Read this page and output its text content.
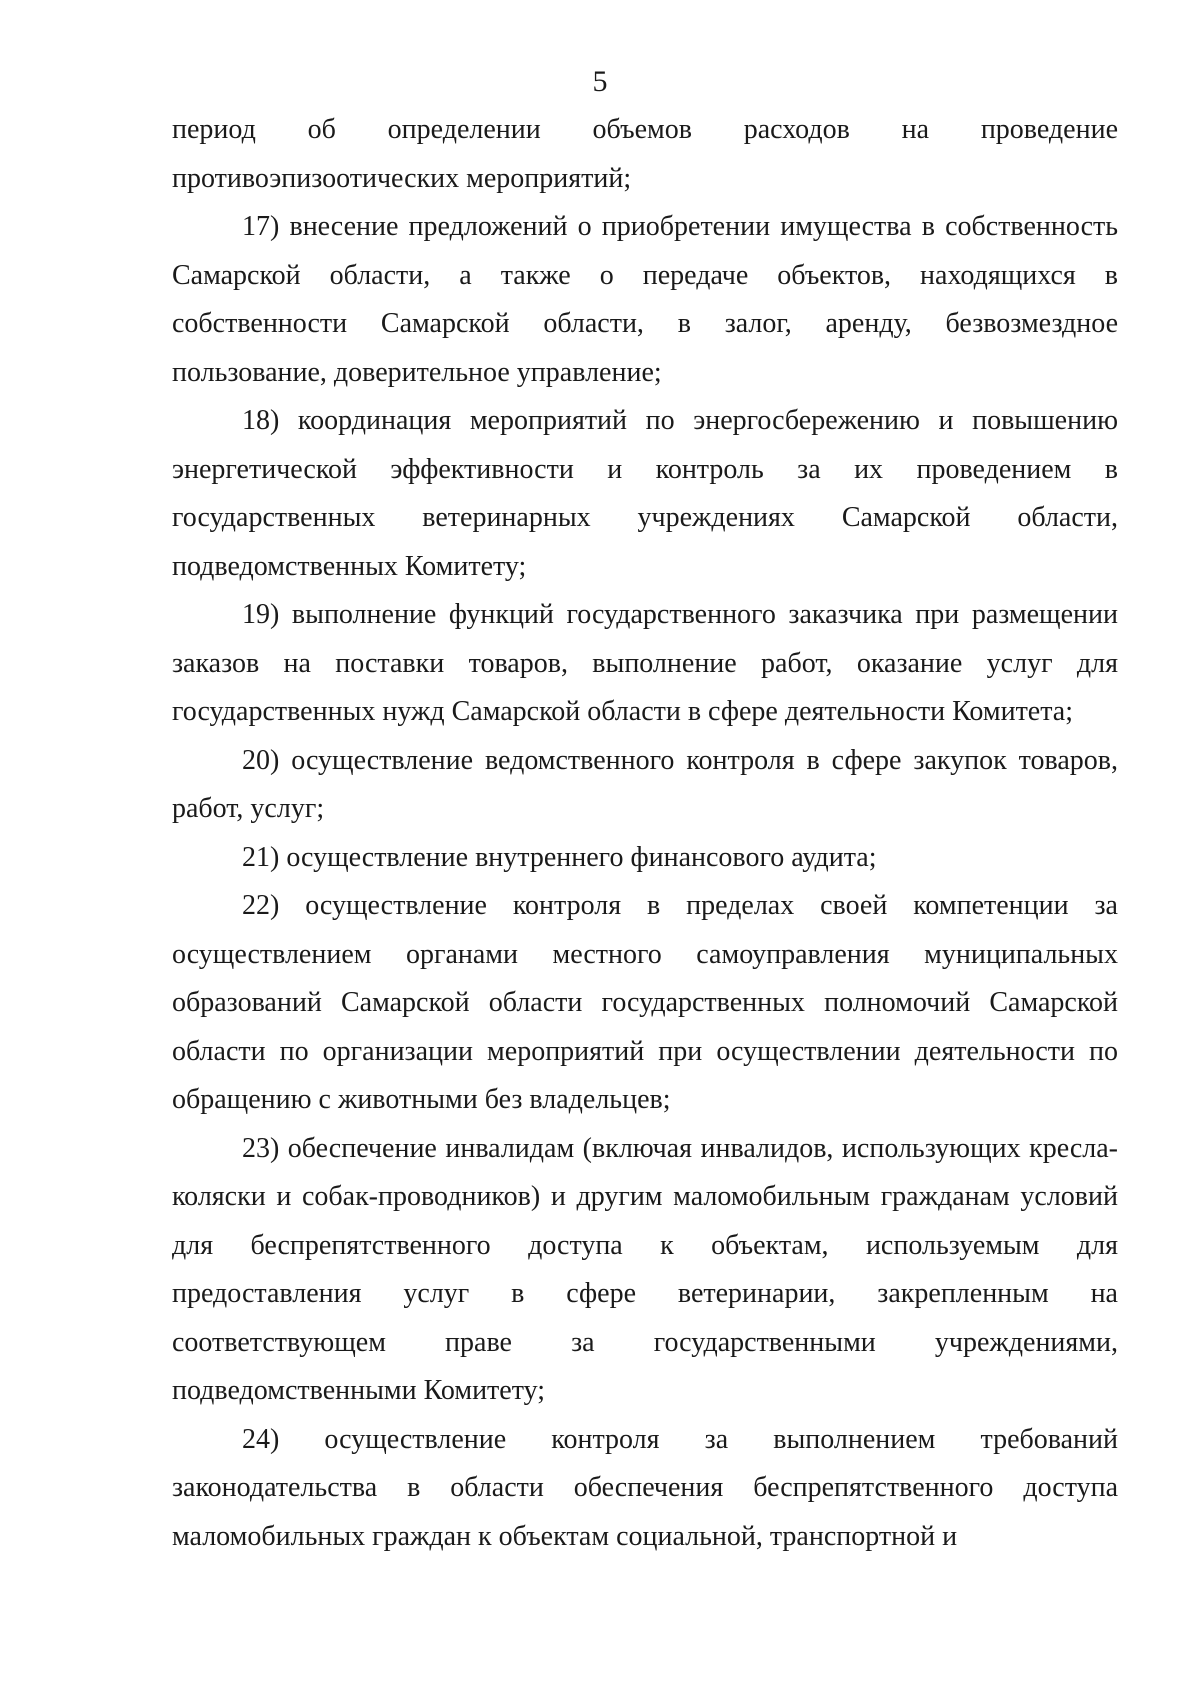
5

период об определении объемов расходов на проведение противоэпизоотических мероприятий;

17) внесение предложений о приобретении имущества в собственность Самарской области, а также о передаче объектов, находящихся в собственности Самарской области, в залог, аренду, безвозмездное пользование, доверительное управление;

18) координация мероприятий по энергосбережению и повышению энергетической эффективности и контроль за их проведением в государственных ветеринарных учреждениях Самарской области, подведомственных Комитету;

19) выполнение функций государственного заказчика при размещении заказов на поставки товаров, выполнение работ, оказание услуг для государственных нужд Самарской области в сфере деятельности Комитета;

20) осуществление ведомственного контроля в сфере закупок товаров, работ, услуг;

21) осуществление внутреннего финансового аудита;

22) осуществление контроля в пределах своей компетенции за осуществлением органами местного самоуправления муниципальных образований Самарской области государственных полномочий Самарской области по организации мероприятий при осуществлении деятельности по обращению с животными без владельцев;

23) обеспечение инвалидам (включая инвалидов, использующих кресла-коляски и собак-проводников) и другим маломобильным гражданам условий для беспрепятственного доступа к объектам, используемым для предоставления услуг в сфере ветеринарии, закрепленным на соответствующем праве за государственными учреждениями, подведомственными Комитету;

24) осуществление контроля за выполнением требований законодательства в области обеспечения беспрепятственного доступа маломобильных граждан к объектам социальной, транспортной и
